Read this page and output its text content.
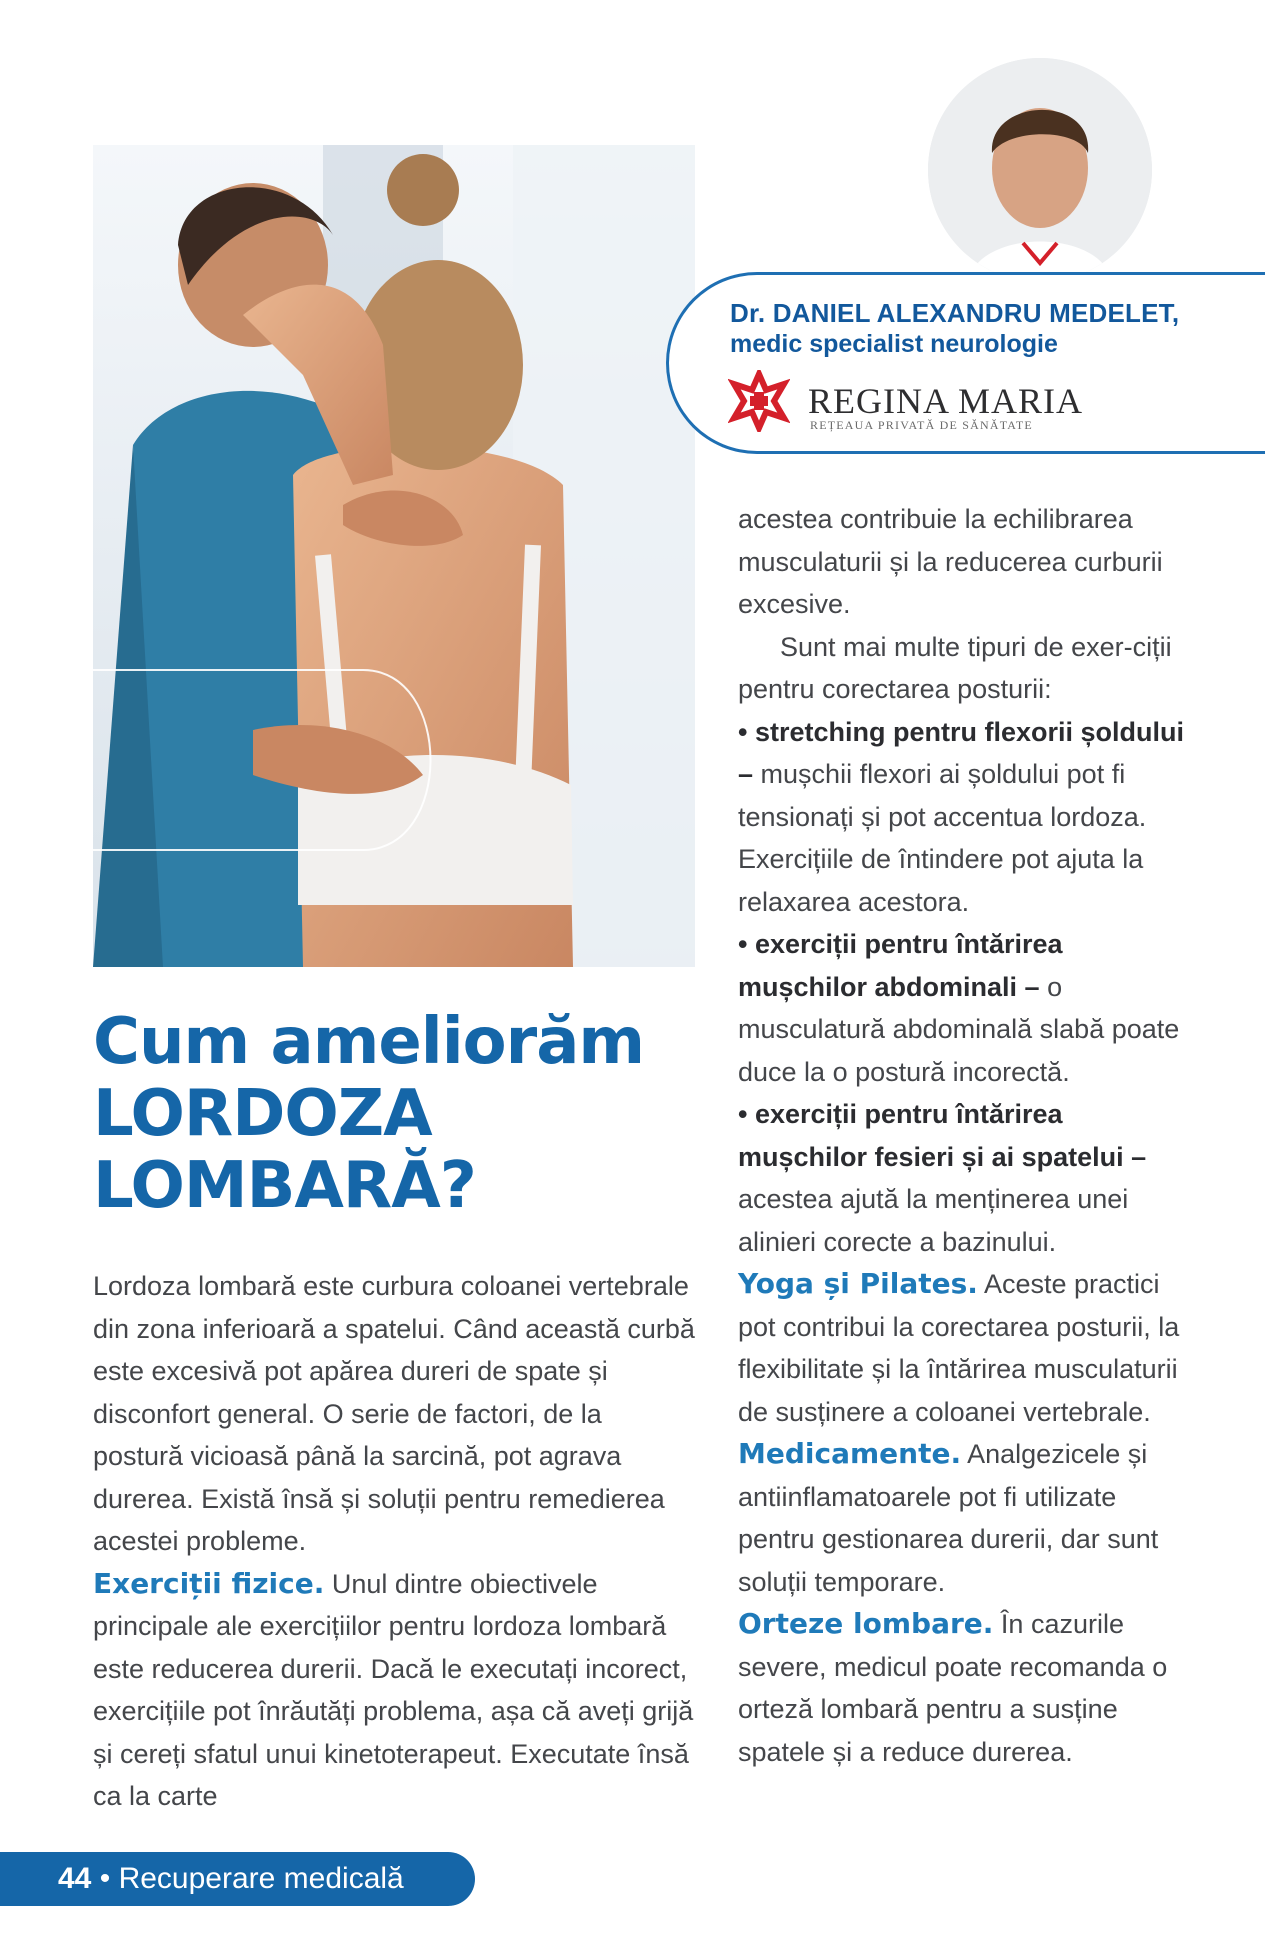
Dr. DANIEL ALEXANDRU MEDELET,
medic specialist neurologie
REGINA MARIA
REȚEAUA PRIVATĂ DE SĂNĂTATE
Cum ameliorăm
LORDOZA
LOMBARĂ?

Lordoza lombară este curbura coloanei vertebrale din zona inferioară a spatelui. Când această curbă este excesivă pot apărea dureri de spate și disconfort general. O serie de factori, de la postură vicioasă până la sarcină, pot agrava durerea. Există însă și soluții pentru remedierea acestei probleme.

Exerciții fizice. Unul dintre obiectivele principale ale exercițiilor pentru lordoza lombară este reducerea durerii. Dacă le executați incorect, exercițiile pot înrăutăți problema, așa că aveți grijă și cereți sfatul unui kinetoterapeut. Executate însă ca la carte

acestea contribuie la echilibrarea musculaturii și la reducerea curburii excesive.

Sunt mai multe tipuri de exer-ciții pentru corectarea posturii:

• stretching pentru flexorii șoldului – mușchii flexori ai șoldului pot fi tensionați și pot accentua lordoza. Exercițiile de întindere pot ajuta la relaxarea acestora.

• exerciții pentru întărirea mușchilor abdominali – o musculatură abdominală slabă poate duce la o postură incorectă.

• exerciții pentru întărirea mușchilor fesieri și ai spatelui – acestea ajută la menținerea unei alinieri corecte a bazinului.

Yoga și Pilates. Aceste practici pot contribui la corectarea posturii, la flexibilitate și la întărirea musculaturii de susținere a coloanei vertebrale.

Medicamente. Analgezicele și antiinflamatoarele pot fi utilizate pentru gestionarea durerii, dar sunt soluții temporare.

Orteze lombare. În cazurile severe, medicul poate recomanda o orteză lombară pentru a susține spatele și a reduce durerea.

44 • Recuperare medicală
